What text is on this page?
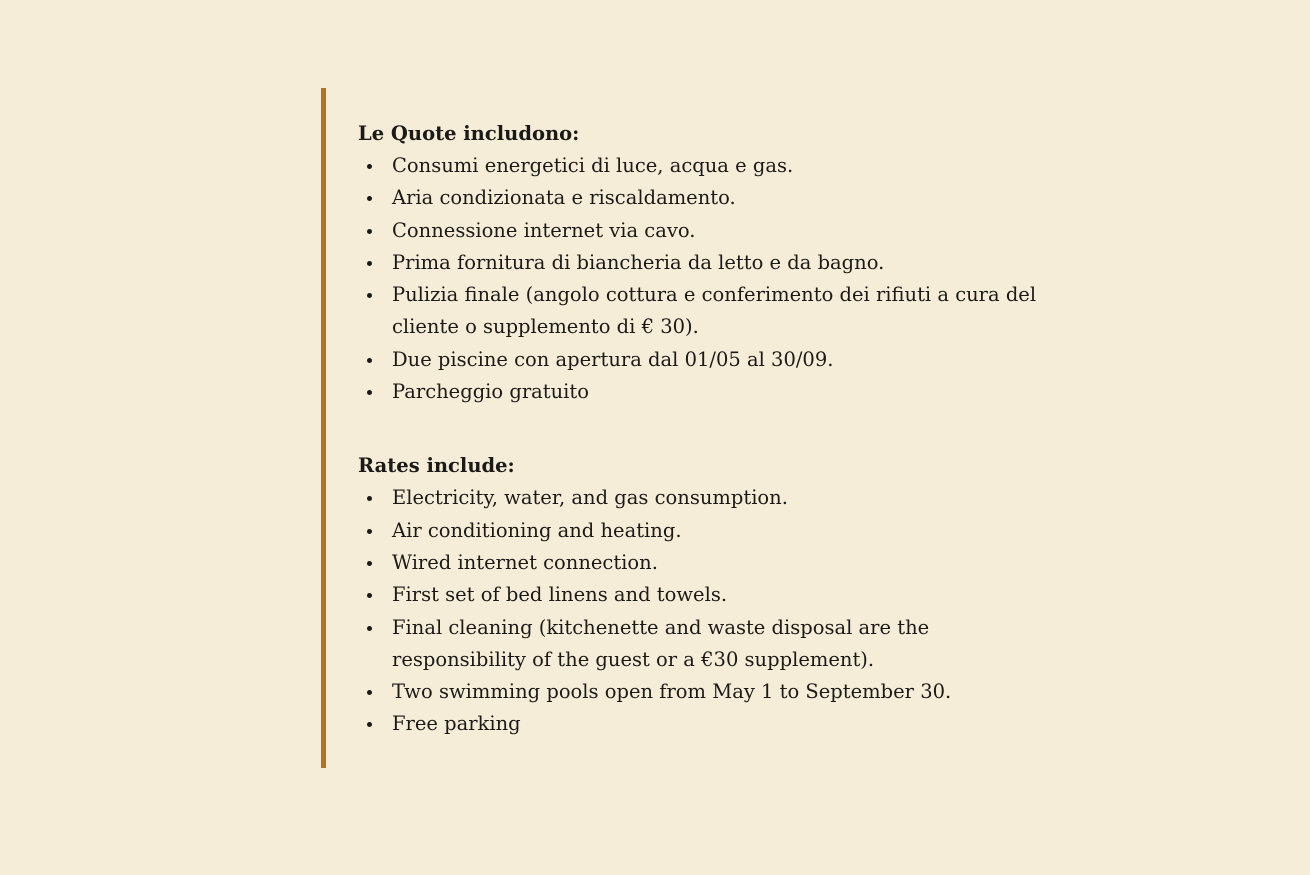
Le Quote includono:

Consumi energetici di luce, acqua e gas.
Aria condizionata e riscaldamento.
Connessione internet via cavo.
Prima fornitura di biancheria da letto e da bagno.
Pulizia finale (angolo cottura e conferimento dei rifiuti a cura del cliente o supplemento di € 30).
Due piscine con apertura dal 01/05 al 30/09.
Parcheggio gratuito

Rates include:

Electricity, water, and gas consumption.
Air conditioning and heating.
Wired internet connection.
First set of bed linens and towels.
Final cleaning (kitchenette and waste disposal are the responsibility of the guest or a €30 supplement).
Two swimming pools open from May 1 to September 30.
Free parking
